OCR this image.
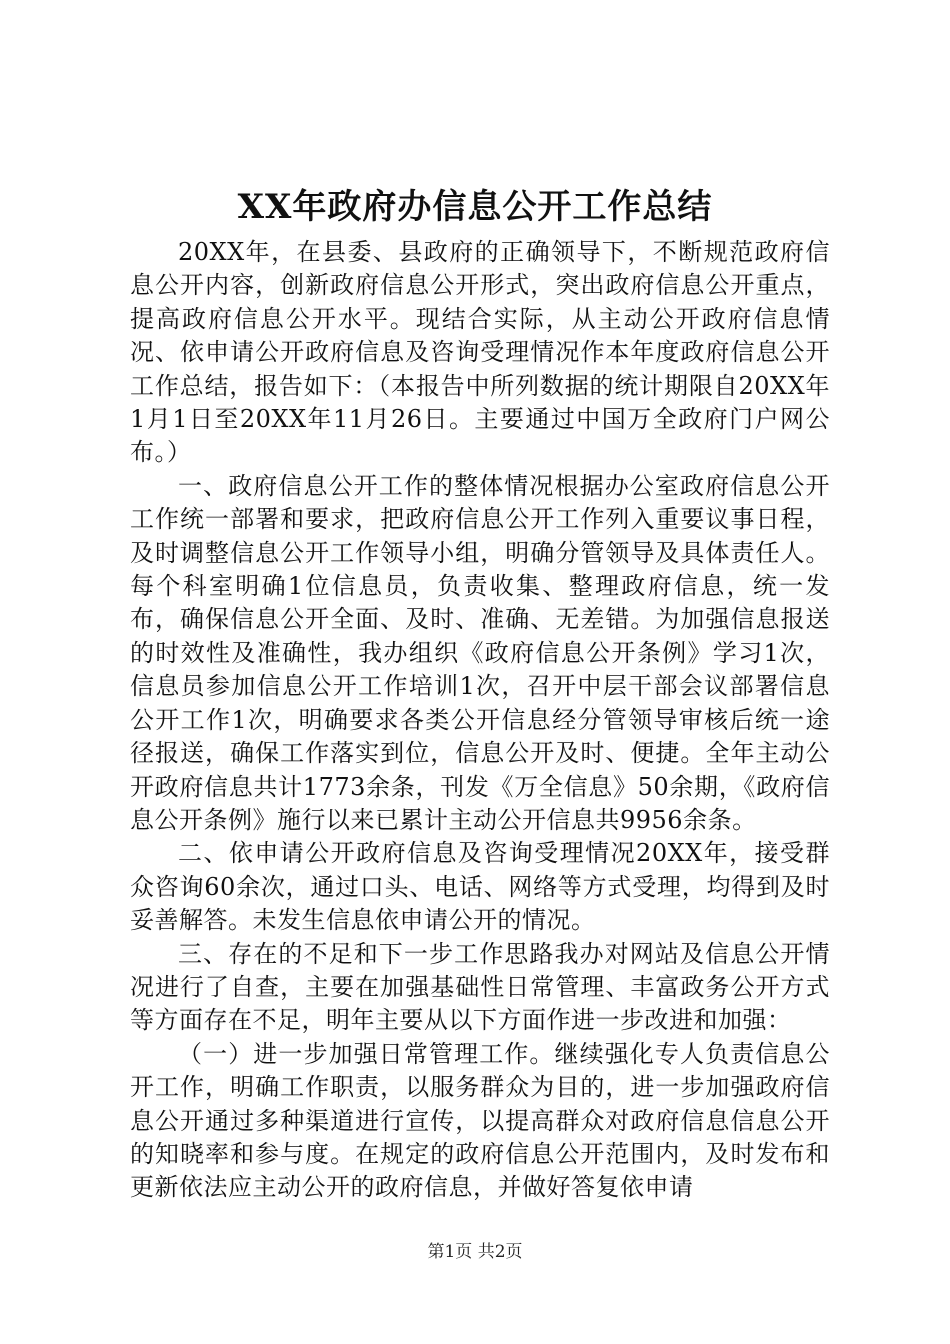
XX年政府办信息公开工作总结

20XX年，在县委、县政府的正确领导下，不断规范政府信息公开内容，创新政府信息公开形式，突出政府信息公开重点，提高政府信息公开水平。现结合实际，从主动公开政府信息情况、依申请公开政府信息及咨询受理情况作本年度政府信息公开工作总结，报告如下：（本报告中所列数据的统计期限自20XX年1月1日至20XX年11月26日。主要通过中国万全政府门户网公布。）

一、政府信息公开工作的整体情况根据办公室政府信息公开工作统一部署和要求，把政府信息公开工作列入重要议事日程，及时调整信息公开工作领导小组，明确分管领导及具体责任人。每个科室明确1位信息员，负责收集、整理政府信息，统一发布，确保信息公开全面、及时、准确、无差错。为加强信息报送的时效性及准确性，我办组织《政府信息公开条例》学习1次，信息员参加信息公开工作培训1次，召开中层干部会议部署信息公开工作1次，明确要求各类公开信息经分管领导审核后统一途径报送，确保工作落实到位，信息公开及时、便捷。全年主动公开政府信息共计1773余条，刊发《万全信息》50余期，《政府信息公开条例》施行以来已累计主动公开信息共9956余条。

二、依申请公开政府信息及咨询受理情况20XX年，接受群众咨询60余次，通过口头、电话、网络等方式受理，均得到及时妥善解答。未发生信息依申请公开的情况。

三、存在的不足和下一步工作思路我办对网站及信息公开情况进行了自查，主要在加强基础性日常管理、丰富政务公开方式等方面存在不足，明年主要从以下方面作进一步改进和加强：

（一）进一步加强日常管理工作。继续强化专人负责信息公开工作，明确工作职责，以服务群众为目的，进一步加强政府信息公开通过多种渠道进行宣传，以提高群众对政府信息信息公开的知晓率和参与度。在规定的政府信息公开范围内，及时发布和更新依法应主动公开的政府信息，并做好答复依申请

第1页 共2页
